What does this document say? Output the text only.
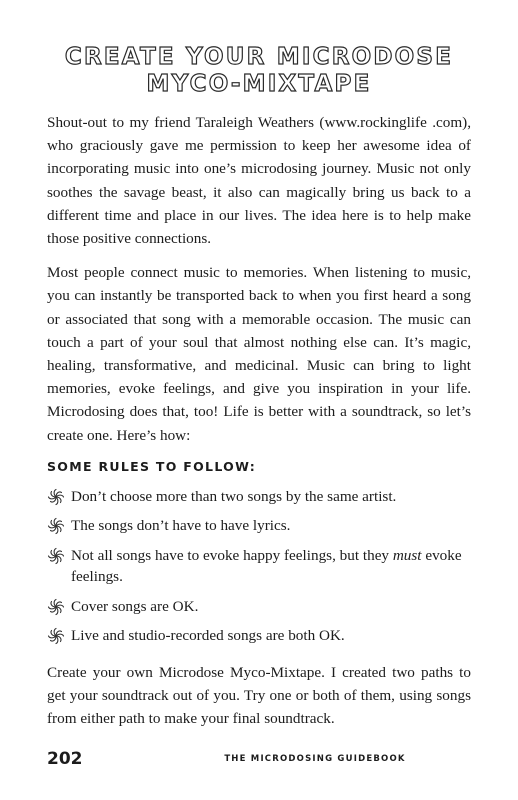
CREATE YOUR MICRODOSE
MYCO-MIXTAPE

Shout-out to my friend Taraleigh Weathers (www.rockinglife .com), who graciously gave me permission to keep her awesome idea of incorporating music into one’s microdosing journey. Music not only soothes the savage beast, it also can magically bring us back to a different time and place in our lives. The idea here is to help make those positive connections.

Most people connect music to memories. When listening to music, you can instantly be transported back to when you first heard a song or associated that song with a memorable occasion. The music can touch a part of your soul that almost nothing else can. It’s magic, healing, transformative, and medicinal. Music can bring to light memories, evoke feelings, and give you inspiration in your life. Microdosing does that, too! Life is better with a soundtrack, so let’s create one. Here’s how:

SOME RULES TO FOLLOW:
Don’t choose more than two songs by the same artist.
The songs don’t have to have lyrics.
Not all songs have to evoke happy feelings, but they must evoke feelings.
Cover songs are OK.
Live and studio-recorded songs are both OK.

Create your own Microdose Myco-Mixtape. I created two paths to get your soundtrack out of you. Try one or both of them, using songs from either path to make your final soundtrack.

202	THE MICRODOSING GUIDEBOOK
